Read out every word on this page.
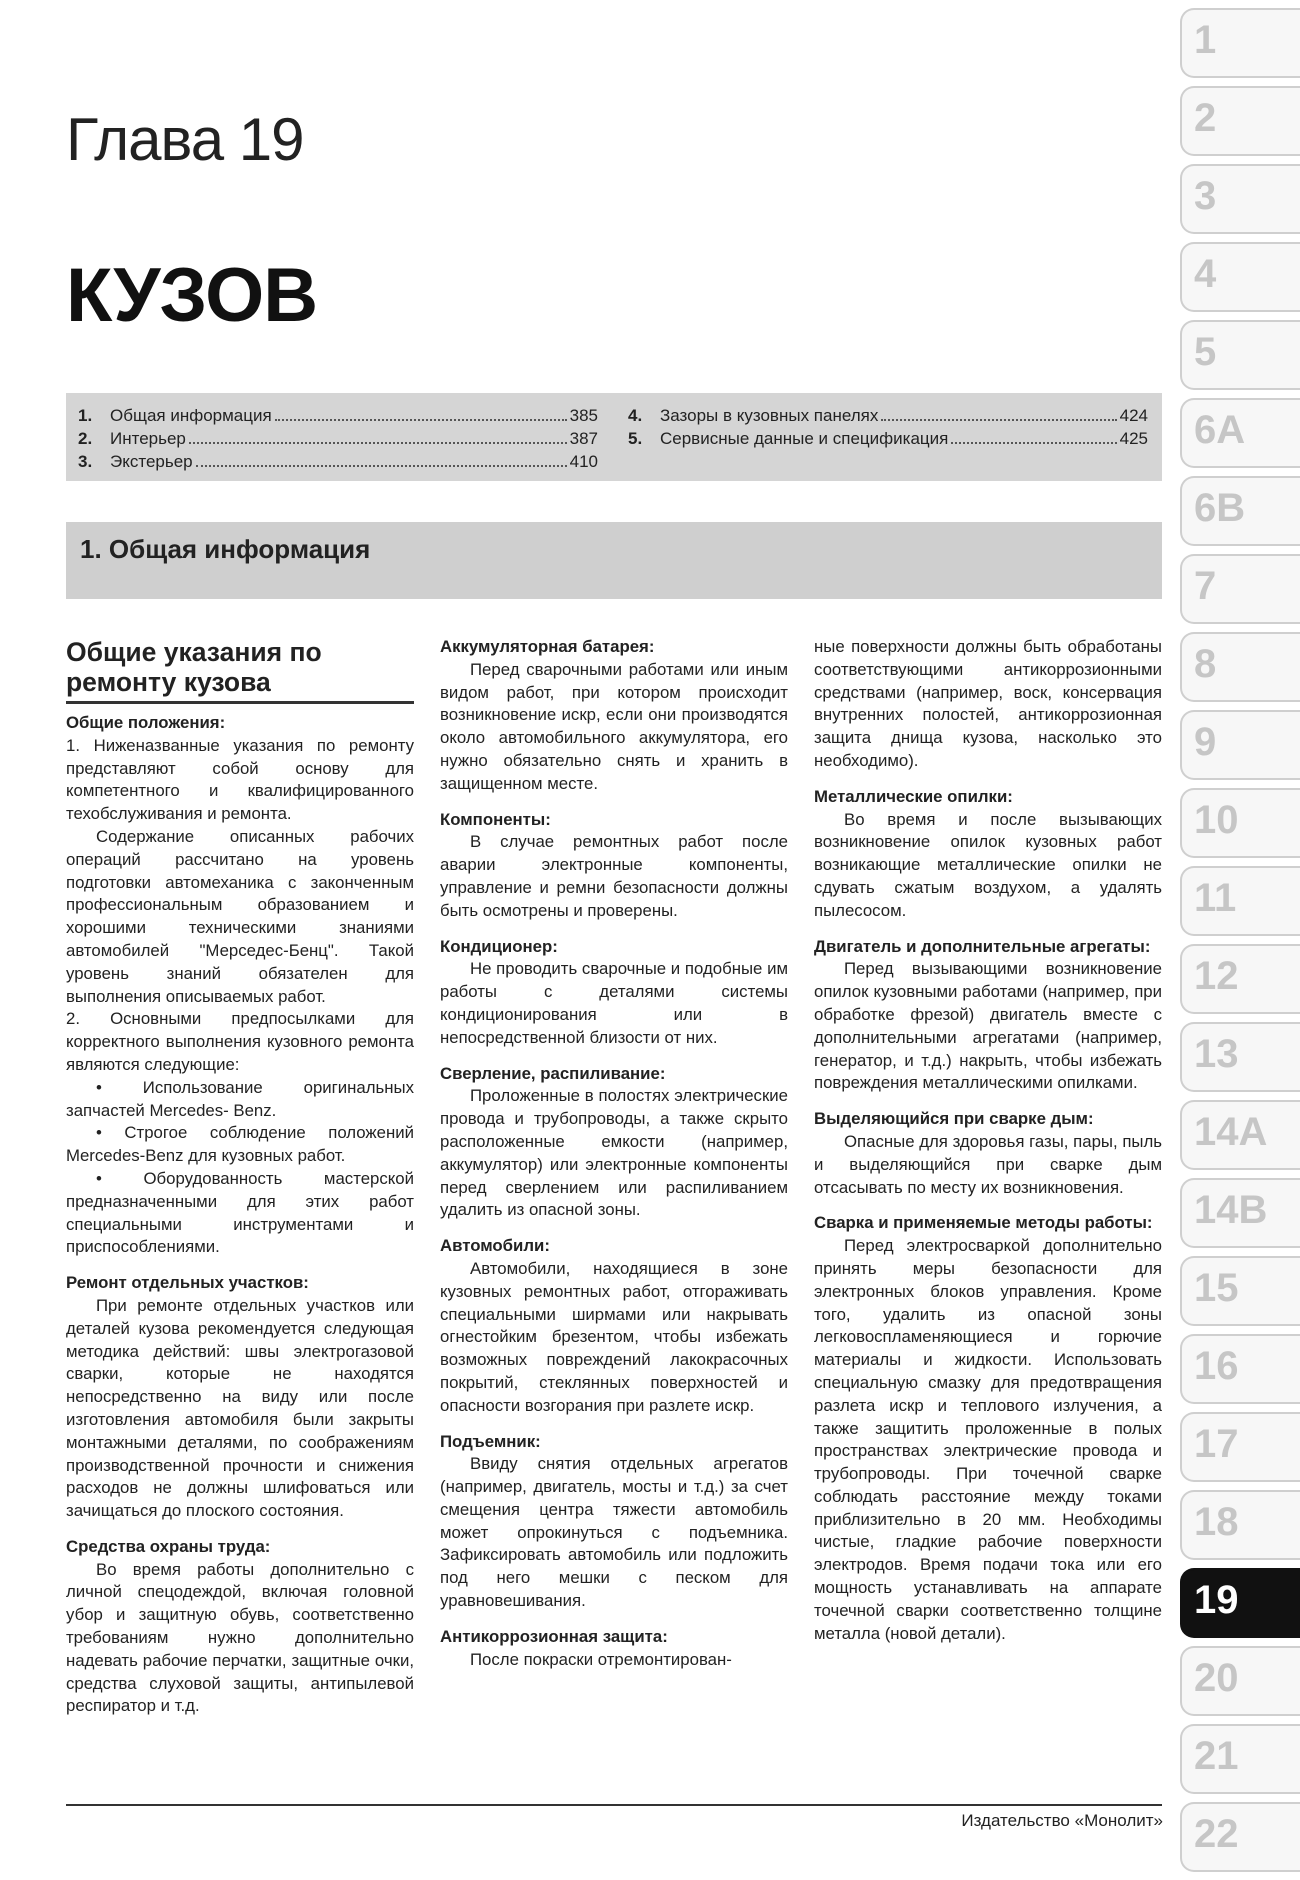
Глава 19
КУЗОВ
1.	Общая информация	385
2.	Интерьер	387
3.	Экстерьер	410
4.	Зазоры в кузовных панелях	424
5.	Сервисные данные и спецификация	425
1. Общая информация
Общие указания по ремонту кузова

Общие положения:

1. Ниженазванные указания по ремонту представляют собой основу для компетентного и квалифицированного техобслуживания и ремонта.

Содержание описанных рабочих операций рассчитано на уровень подготовки автомеханика с законченным профессиональным образованием и хорошими техническими знаниями автомобилей "Мерседес-Бенц". Такой уровень знаний обязателен для выполнения описываемых работ.

2. Основными предпосылками для корректного выполнения кузовного ремонта являются следующие:

• Использование оригинальных запчастей Mercedes- Benz.

• Строгое соблюдение положений Mercedes-Benz для кузовных работ.

• Оборудованность мастерской предназначенными для этих работ специальными инструментами и приспособлениями.

Ремонт отдельных участков:

При ремонте отдельных участков или деталей кузова рекомендуется следующая методика действий: швы электрогазовой сварки, которые не находятся непосредственно на виду или после изготовления автомобиля были закрыты монтажными деталями, по соображениям производственной прочности и снижения расходов не должны шлифоваться или зачищаться до плоского состояния.

Средства охраны труда:

Во время работы дополнительно с личной спецодеждой, включая головной убор и защитную обувь, соответственно требованиям нужно дополнительно надевать рабочие перчатки, защитные очки, средства слуховой защиты, антипылевой респиратор и т.д.

Аккумуляторная батарея:

Перед сварочными работами или иным видом работ, при котором происходит возникновение искр, если они производятся около автомобильного аккумулятора, его нужно обязательно снять и хранить в защищенном месте.

Компоненты:

В случае ремонтных работ после аварии электронные компоненты, управление и ремни безопасности должны быть осмотрены и проверены.

Кондиционер:

Не проводить сварочные и подобные им работы с деталями системы кондиционирования или в непосредственной близости от них.

Сверление, распиливание:

Проложенные в полостях электрические провода и трубопроводы, а также скрыто расположенные емкости (например, аккумулятор) или электронные компоненты перед сверлением или распиливанием удалить из опасной зоны.

Автомобили:

Автомобили, находящиеся в зоне кузовных ремонтных работ, отгораживать специальными ширмами или накрывать огнестойким брезентом, чтобы избежать возможных повреждений лакокрасочных покрытий, стеклянных поверхностей и опасности возгорания при разлете искр.

Подъемник:

Ввиду снятия отдельных агрегатов (например, двигатель, мосты и т.д.) за счет смещения центра тяжести автомобиль может опрокинуться с подъемника. Зафиксировать автомобиль или подложить под него мешки с песком для уравновешивания.

Антикоррозионная защита:

После покраски отремонтирован-

ные поверхности должны быть обработаны соответствующими антикоррозионными средствами (например, воск, консервация внутренних полостей, антикоррозионная защита днища кузова, насколько это необходимо).

Металлические опилки:

Во время и после вызывающих возникновение опилок кузовных работ возникающие металлические опилки не сдувать сжатым воздухом, а удалять пылесосом.

Двигатель и дополнительные агрегаты:

Перед вызывающими возникновение опилок кузовными работами (например, при обработке фрезой) двигатель вместе с дополнительными агрегатами (например, генератор, и т.д.) накрыть, чтобы избежать повреждения металлическими опилками.

Выделяющийся при сварке дым:

Опасные для здоровья газы, пары, пыль и выделяющийся при сварке дым отсасывать по месту их возникновения.

Сварка и применяемые методы работы:

Перед электросваркой дополнительно принять меры безопасности для электронных блоков управления. Кроме того, удалить из опасной зоны легковоспламеняющиеся и горючие материалы и жидкости. Использовать специальную смазку для предотвращения разлета искр и теплового излучения, а также защитить проложенные в полых пространствах электрические провода и трубопроводы. При точечной сварке соблюдать расстояние между токами приблизительно в 20 мм. Необходимы чистые, гладкие рабочие поверхности электродов. Время подачи тока или его мощность устанавливать на аппарате точечной сварки соответственно толщине металла (новой детали).

Издательство «Монолит»
1
2
3
4
5
6A
6B
7
8
9
10
11
12
13
14A
14B
15
16
17
18
19
20
21
22
